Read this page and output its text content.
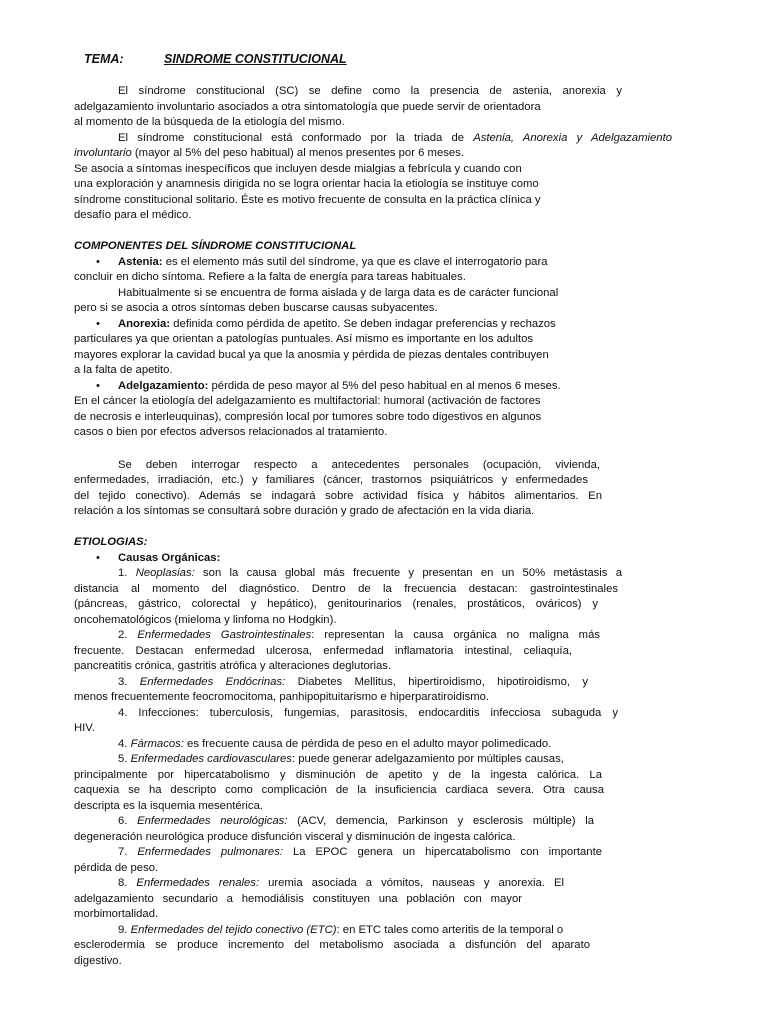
TEMA:	SINDROME CONSTITUCIONAL
El síndrome constitucional (SC) se define como la presencia de astenia, anorexia y
adelgazamiento involuntario asociados a otra sintomatología que puede servir de orientadora
al momento de la búsqueda de la etiología del mismo.
El síndrome constitucional está conformado por la triada de Astenia, Anorexia y Adelgazamiento
involuntario (mayor al 5% del peso habitual) al menos presentes por 6 meses.
Se asocia a síntomas inespecíficos que incluyen desde mialgias a febrícula y cuando con
una exploración y anamnesis dirigida no se logra orientar hacia la etiología se instituye como
síndrome constitucional solitario. Éste es motivo frecuente de consulta en la práctica clínica y
desafío para el médico.
COMPONENTES DEL SÍNDROME CONSTITUCIONAL
• Astenia: es el elemento más sutil del síndrome, ya que es clave el interrogatorio para
concluir en dicho síntoma. Refiere a la falta de energía para tareas habituales.
Habitualmente si se encuentra de forma aislada y de larga data es de carácter funcional
pero si se asocia a otros síntomas deben buscarse causas subyacentes.
• Anorexia: definida como pérdida de apetito. Se deben indagar preferencias y rechazos
particulares ya que orientan a patologías puntuales. Así mismo es importante en los adultos
mayores explorar la cavidad bucal ya que la anosmia y pérdida de piezas dentales contribuyen
a la falta de apetito.
• Adelgazamiento: pérdida de peso mayor al 5% del peso habitual en al menos 6 meses.
En el cáncer la etiología del adelgazamiento es multifactorial: humoral (activación de factores
de necrosis e interleuquinas), compresión local por tumores sobre todo digestivos en algunos
casos o bien por efectos adversos relacionados al tratamiento.
Se deben interrogar respecto a antecedentes personales (ocupación, vivienda,
enfermedades, irradiación, etc.) y familiares (cáncer, trastornos psiquiátricos y enfermedades
del tejido conectivo). Además se indagará sobre actividad física y hábitos alimentarios. En
relación a los síntomas se consultará sobre duración y grado de afectación en la vida diaria.
ETIOLOGIAS:
• Causas Orgánicas:
1. Neoplasias: son la causa global más frecuente y presentan en un 50% metástasis a
distancia al momento del diagnóstico. Dentro de la frecuencia destacan: gastrointestinales
(páncreas, gástrico, colorectal y hepático), genitourinarios (renales, prostáticos, ováricos) y
oncohematológicos (mieloma y linfoma no Hodgkin).
2. Enfermedades Gastrointestinales: representan la causa orgánica no maligna más
frecuente. Destacan enfermedad ulcerosa, enfermedad inflamatoria intestinal, celiaquía,
pancreatitis crónica, gastritis atrófica y alteraciones deglutorias.
3. Enfermedades Endócrinas: Diabetes Mellitus, hipertiroidismo, hipotiroidismo, y
menos frecuentemente feocromocitoma, panhipopituitarismo e hiperparatiroidismo.
4. Infecciones: tuberculosis, fungemias, parasitosis, endocarditis infecciosa subaguda y
HIV.
4. Fármacos: es frecuente causa de pérdida de peso en el adulto mayor polimedicado.
5. Enfermedades cardiovasculares: puede generar adelgazamiento por múltiples causas,
principalmente por hipercatabolismo y disminución de apetito y de la ingesta calórica. La
caquexia se ha descripto como complicación de la insuficiencia cardiaca severa. Otra causa
descripta es la isquemia mesentérica.
6. Enfermedades neurológicas: (ACV, demencia, Parkinson y esclerosis múltiple) la
degeneración neurológica produce disfunción visceral y disminución de ingesta calórica.
7. Enfermedades pulmonares: La EPOC genera un hipercatabolismo con importante
pérdida de peso.
8. Enfermedades renales: uremia asociada a vómitos, nauseas y anorexia. El
adelgazamiento secundario a hemodiálisis constituyen una población con mayor
morbimortalidad.
9. Enfermedades del tejido conectivo (ETC): en ETC tales como arteritis de la temporal o
esclerodermia se produce incremento del metabolismo asociada a disfunción del aparato
digestivo.
